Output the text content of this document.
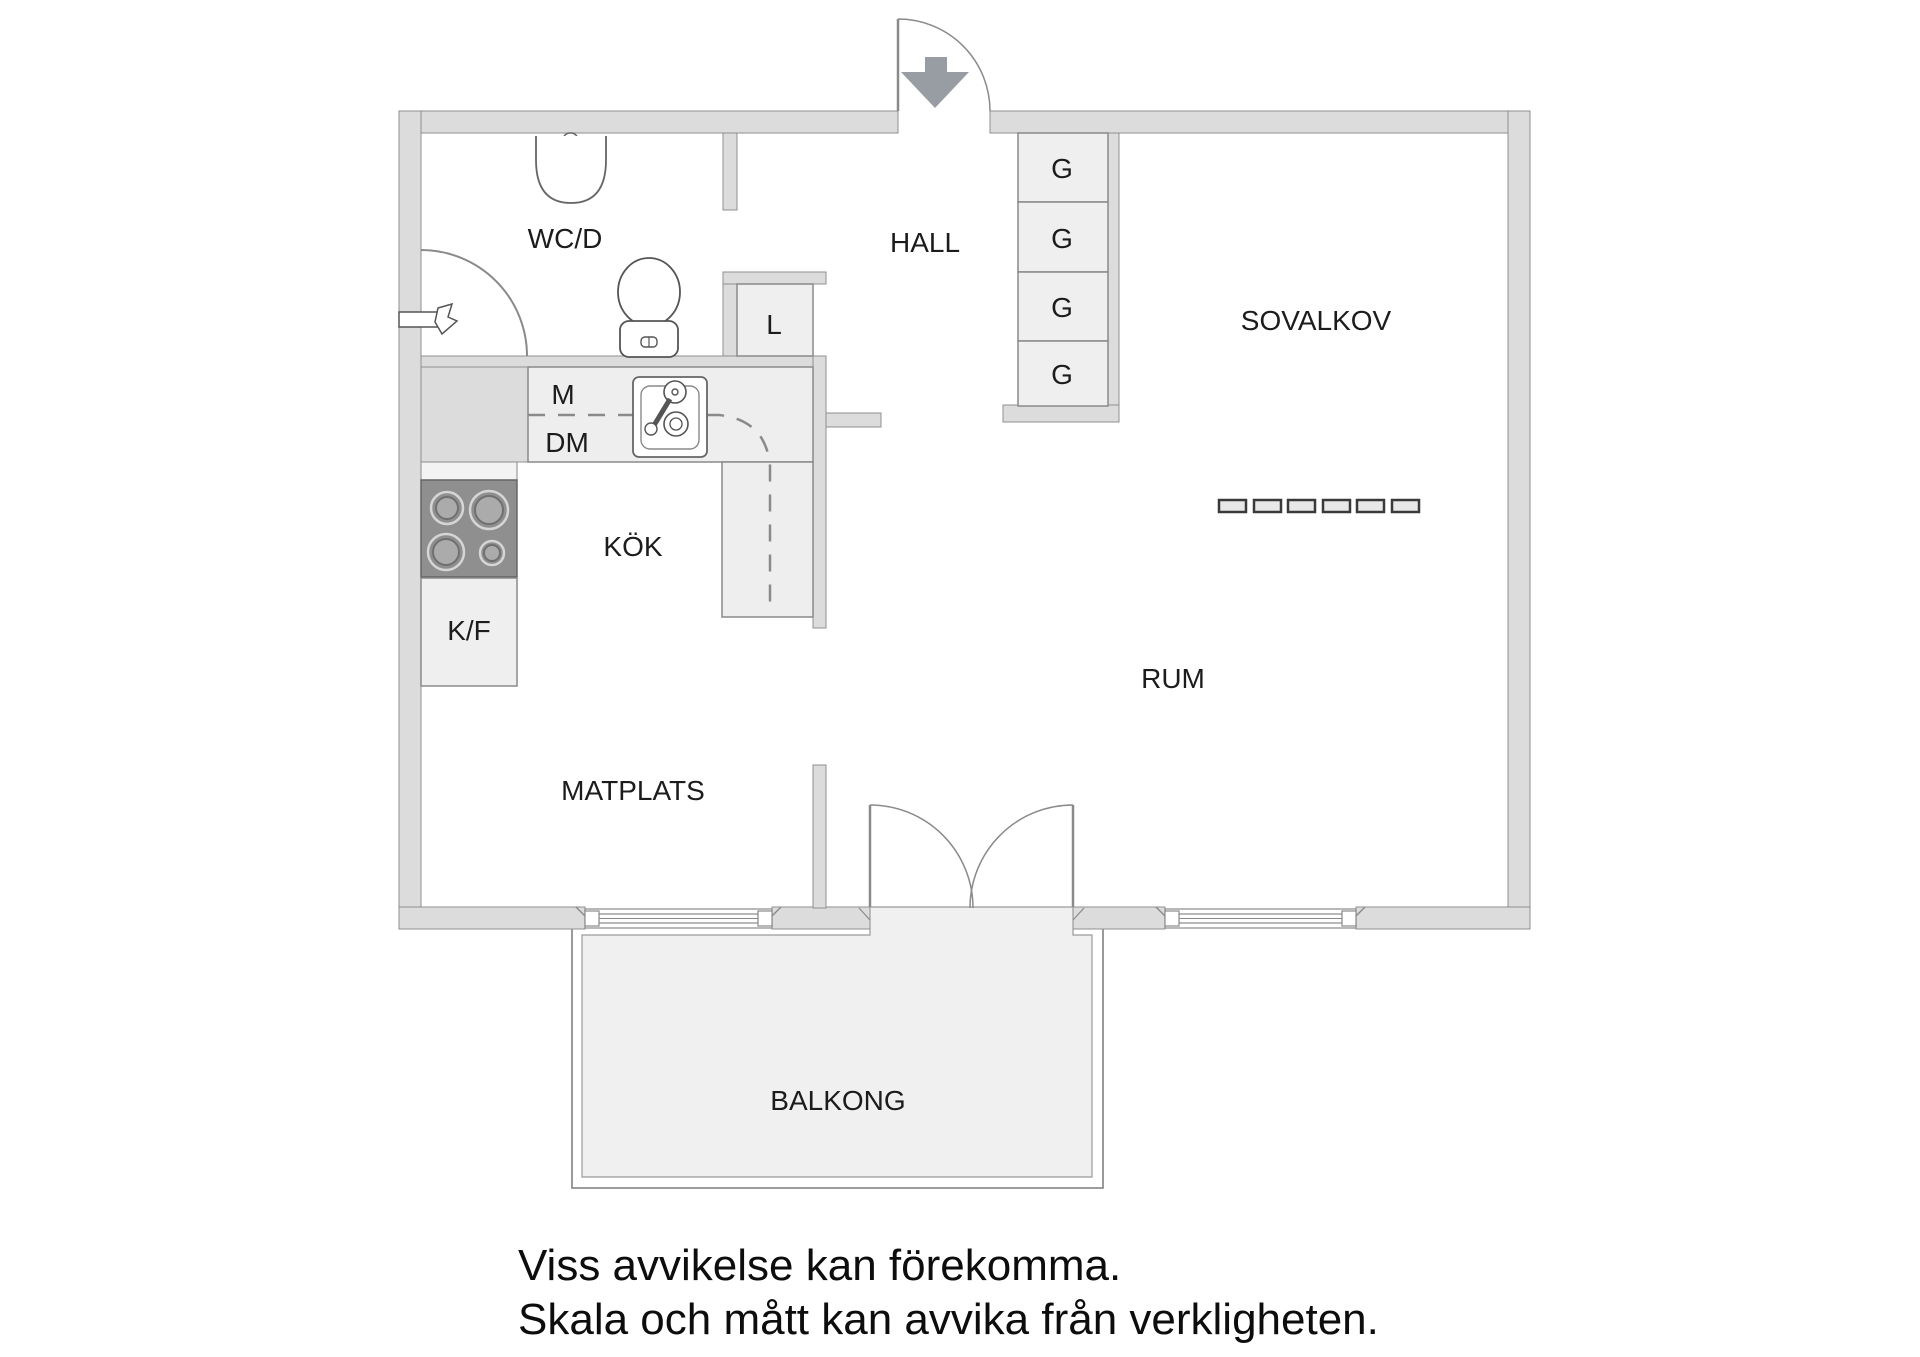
G
G
G
G
L
M
DM
K/F
WC/D	HALL
SOVALKOV
KÖK
RUM
MATPLATS
BALKONG
Viss avvikelse kan förekomma.
Skala och mått kan avvika från verkligheten.
